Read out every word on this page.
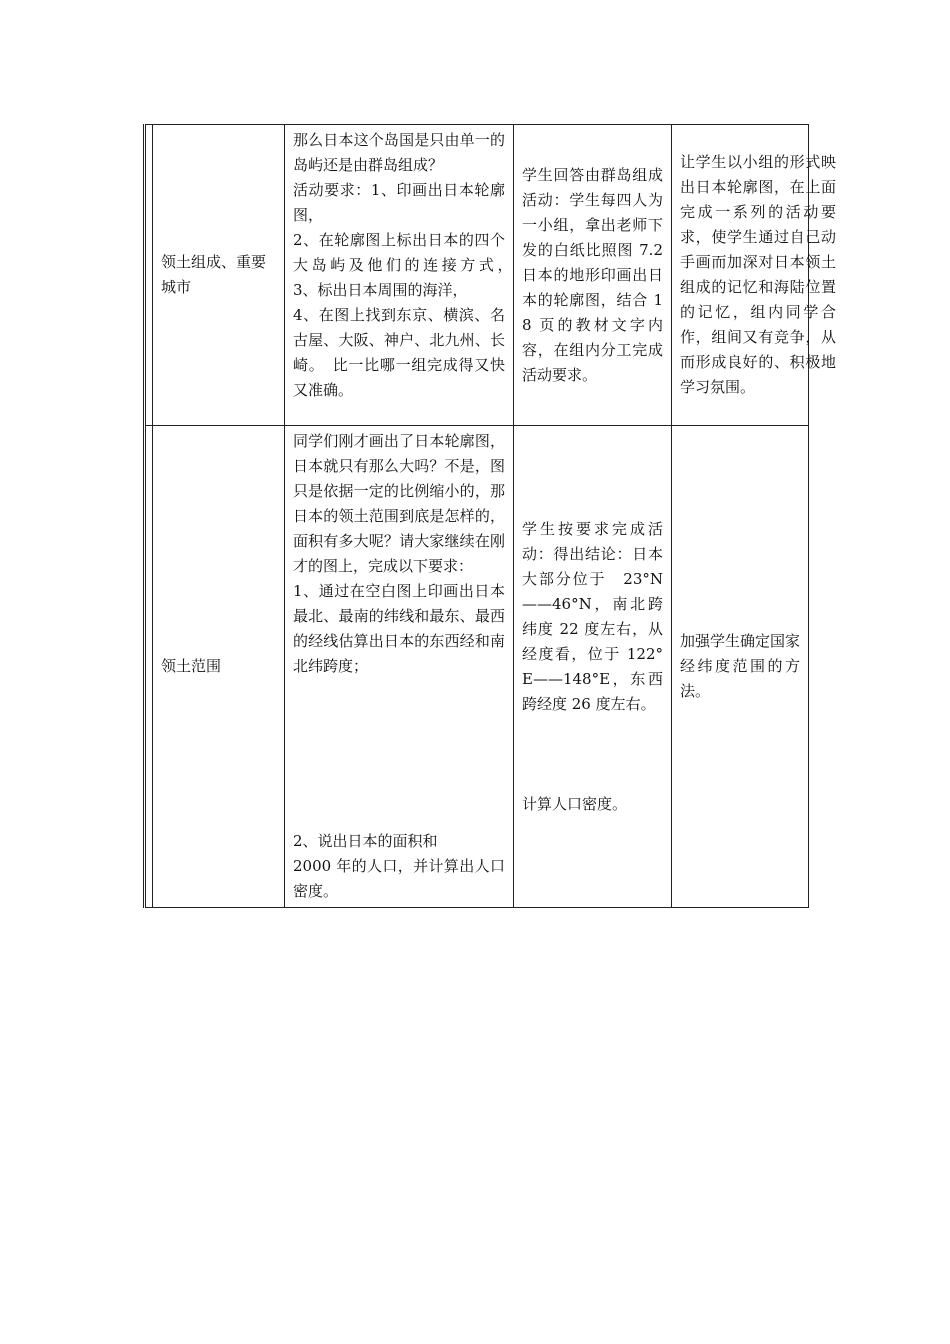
	领土组成、重要城市	那么日本这个岛国是只由单一的岛屿还是由群岛组成？
活动要求：1、印画出日本轮廓图，
2、在轮廓图上标出日本的四个大岛屿及他们的连接方式，　3、标出日本周围的海洋，
4、在图上找到东京、横滨、名古屋、大阪、神户、北九州、长崎。　比一比哪一组完成得又快又准确。	学生回答由群岛组成　活动：学生每四人为一小组，拿出老师下发的白纸比照图 7.2 日本的地形印画出日本的轮廓图，结合 18 页的教材文字内容，在组内分工完成活动要求。	让学生以小组的形式映出日本轮廓图，在上面完成一系列的活动要求，使学生通过自己动手画而加深对日本领土组成的记忆和海陆位置的记忆，组内同学合作，组间又有竞争，从而形成良好的、积极地学习氛围。

	领土范围	同学们刚才画出了日本轮廓图，日本就只有那么大吗？不是，图只是依据一定的比例缩小的，那日本的领土范围到底是怎样的，面积有多大呢？请大家继续在刚才的图上，完成以下要求：
1、通过在空白图上印画出日本最北、最南的纬线和最东、最西的经线估算出日本的东西经和南北纬跨度；
2、说出日本的面积和
2000 年的人口，并计算出人口密度。	学生按要求完成活动：得出结论：日本大部分位于　23°N——46°N，南北跨纬度 22 度左右，从经度看，位于 122°E——148°E，东西跨经度 26 度左右。
计算人口密度。	加强学生确定国家经纬度范围的方法。
